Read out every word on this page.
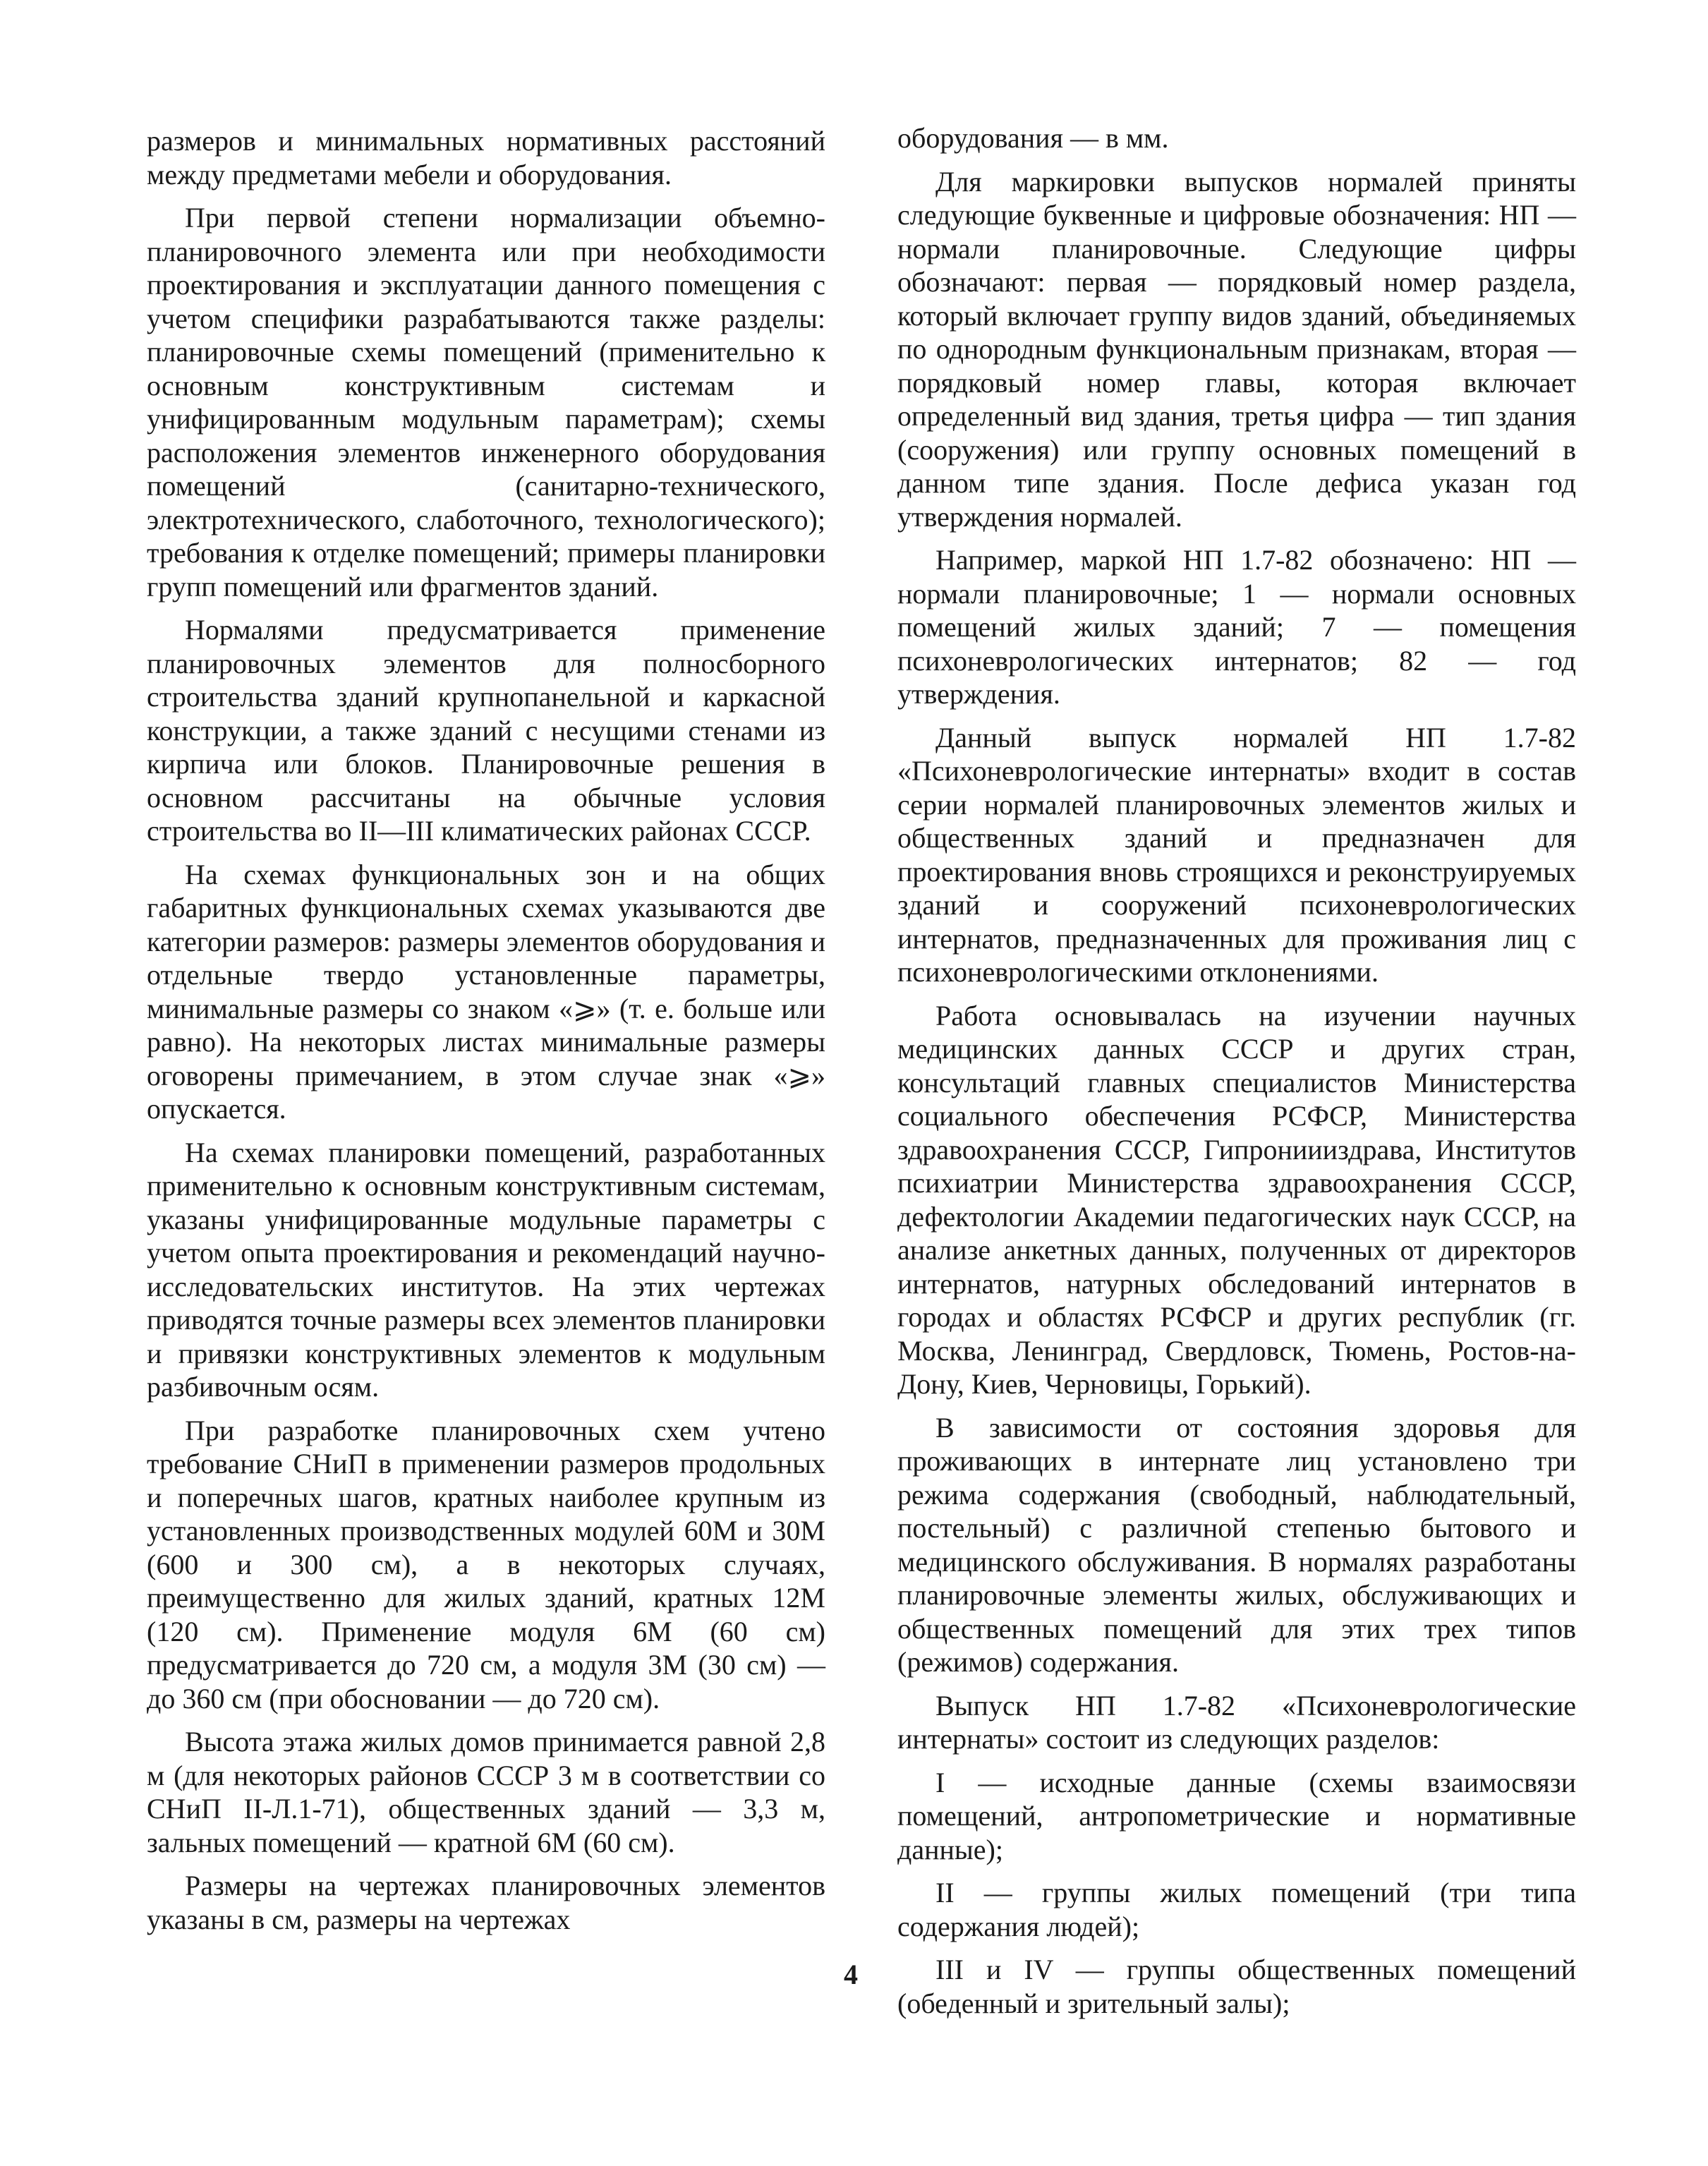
размеров и минимальных нормативных расстояний между предметами мебели и оборудования.

При первой степени нормализации объемно-планировочного элемента или при необходимости проектирования и эксплуатации данного помещения с учетом специфики разрабатываются также разделы: планировочные схемы помещений (применительно к основным конструктивным системам и унифицированным модульным параметрам); схемы расположения элементов инженерного оборудования помещений (санитарно-технического, электротехнического, слаботочного, технологического); требования к отделке помещений; примеры планировки групп помещений или фрагментов зданий.

Нормалями предусматривается применение планировочных элементов для полносборного строительства зданий крупнопанельной и каркасной конструкции, а также зданий с несущими стенами из кирпича или блоков. Планировочные решения в основном рассчитаны на обычные условия строительства во II—III климатических районах СССР.

На схемах функциональных зон и на общих габаритных функциональных схемах указываются две категории размеров: размеры элементов оборудования и отдельные твердо установленные параметры, минимальные размеры со знаком «⩾» (т. е. больше или равно). На некоторых листах минимальные размеры оговорены примечанием, в этом случае знак «⩾» опускается.

На схемах планировки помещений, разработанных применительно к основным конструктивным системам, указаны унифицированные модульные параметры с учетом опыта проектирования и рекомендаций научно-исследовательских институтов. На этих чертежах приводятся точные размеры всех элементов планировки и привязки конструктивных элементов к модульным разбивочным осям.

При разработке планировочных схем учтено требование СНиП в применении размеров продольных и поперечных шагов, кратных наиболее крупным из установленных производственных модулей 60М и 30М (600 и 300 см), а в некоторых случаях, преимущественно для жилых зданий, кратных 12М (120 см). Применение модуля 6М (60 см) предусматривается до 720 см, а модуля 3М (30 см) — до 360 см (при обосновании — до 720 см).

Высота этажа жилых домов принимается равной 2,8 м (для некоторых районов СССР 3 м в соответствии со СНиП II-Л.1-71), общественных зданий — 3,3 м, зальных помещений — кратной 6М (60 см).

Размеры на чертежах планировочных элементов указаны в см, размеры на чертежах

оборудования — в мм.

Для маркировки выпусков нормалей приняты следующие буквенные и цифровые обозначения: НП — нормали планировочные. Следующие цифры обозначают: первая — порядковый номер раздела, который включает группу видов зданий, объединяемых по однородным функциональным признакам, вторая — порядковый номер главы, которая включает определенный вид здания, третья цифра — тип здания (сооружения) или группу основных помещений в данном типе здания. После дефиса указан год утверждения нормалей.

Например, маркой НП 1.7-82 обозначено: НП — нормали планировочные; 1 — нормали основных помещений жилых зданий; 7 — помещения психоневрологических интернатов; 82 — год утверждения.

Данный выпуск нормалей НП 1.7-82 «Психоневрологические интернаты» входит в состав серии нормалей планировочных элементов жилых и общественных зданий и предназначен для проектирования вновь строящихся и реконструируемых зданий и сооружений психоневрологических интернатов, предназначенных для проживания лиц с психоневрологическими отклонениями.

Работа основывалась на изучении научных медицинских данных СССР и других стран, консультаций главных специалистов Министерства социального обеспечения РСФСР, Министерства здравоохранения СССР, Гипрониииздрава, Институтов психиатрии Министерства здравоохранения СССР, дефектологии Академии педагогических наук СССР, на анализе анкетных данных, полученных от директоров интернатов, натурных обследований интернатов в городах и областях РСФСР и других республик (гг. Москва, Ленинград, Свердловск, Тюмень, Ростов-на-Дону, Киев, Черновицы, Горький).

В зависимости от состояния здоровья для проживающих в интернате лиц установлено три режима содержания (свободный, наблюдательный, постельный) с различной степенью бытового и медицинского обслуживания. В нормалях разработаны планировочные элементы жилых, обслуживающих и общественных помещений для этих трех типов (режимов) содержания.

Выпуск НП 1.7-82 «Психоневрологические интернаты» состоит из следующих разделов:

I — исходные данные (схемы взаимосвязи помещений, антропометрические и нормативные данные);

II — группы жилых помещений (три типа содержания людей);

III и IV — группы общественных помещений (обеденный и зрительный залы);

4
